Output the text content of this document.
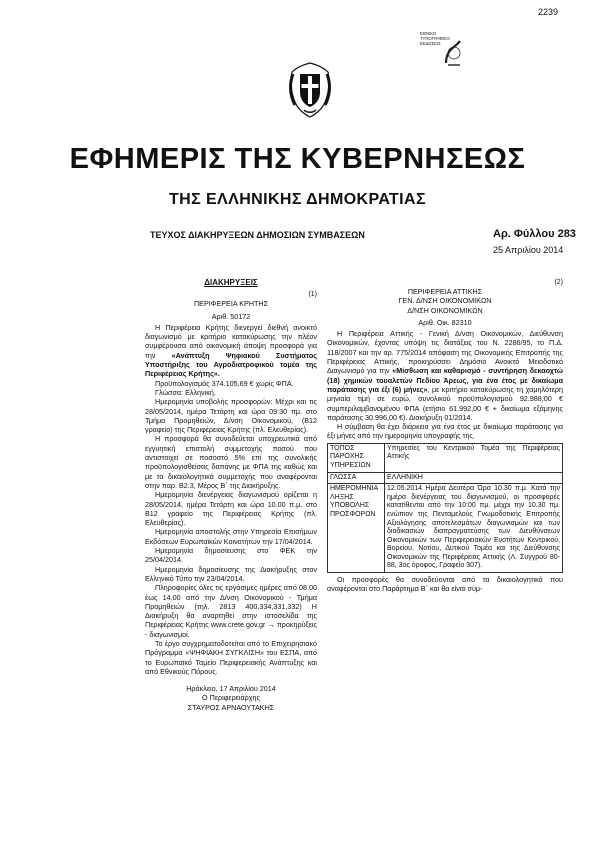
2239
ΕΘΝΙΚΟ
ΤΥΠΟΓΡΑΦΕΙΟ
ΕΚΔΟΣΕΙΣ
ΕΦΗΜΕΡΙΣ ΤΗΣ ΚΥΒΕΡΝΗΣΕΩΣ
ΤΗΣ ΕΛΛΗΝΙΚΗΣ ΔΗΜΟΚΡΑΤΙΑΣ
ΤΕΥΧΟΣ ΔΙΑΚΗΡΥΞΕΩΝ ΔΗΜΟΣΙΩΝ ΣΥΜΒΑΣΕΩΝ	Αρ. Φύλλου 283
25 Απριλίου 2014
ΔΙΑΚΗΡΥΞΕΙΣ
(1)

ΠΕΡΙΦΕΡΕΙΑ ΚΡΗΤΗΣ

Αριθ. 50172

Η Περιφέρεια Κρήτης διενεργεί διεθνή ανοικτό διαγωνισμό με κριτήριο κατακύρωσης την πλέον συμφέρουσα από οικονομική άποψη προσφορά για την «Ανάπτυξη Ψηφιακού Συστήματος Υποστήριξης του Αγροδιατροφικού τομέα της Περιφέρειας Κρήτης».

Προϋπολογισμός 374.105,69 € χωρίς ΦΠΑ.

Γλώσσα: Ελληνική.

Ημερομηνία υποβολής προσφορών: Μέχρι και τις 28/05/2014, ημέρα Τετάρτη και ώρα 09:30 πμ. στο Τμήμα Προμηθειών, Δ/νση Οικονομικού, (Β12 γραφείο) της Περιφέρειας Κρήτης (πλ. Ελευθερίας).

Η προσφορά θα συνοδεύεται υποχρεωτικά από εγγυητική επιστολή συμμετοχής ποσού που αντιστοιχεί σε ποσοστό 5% επί της συνολικής προϋπολογισθείσας δαπάνης με ΦΠΑ της καθώς και με τα δικαιολογητικά συμμετοχής που αναφέρονται στην παρ. Β2.3, Μέρος Β΄ της Διακήρυξης.

Ημερομηνία διενέργειας διαγωνισμού ορίζεται η 28/05/2014, ημέρα Τετάρτη και ώρα 10.00 π.μ. στο Β12 γραφείο της Περιφέρειας Κρήτης (πλ. Ελευθερίας).

Ημερομηνία αποστολής στην Υπηρεσία Επισήμων Εκδόσεων Ευρωπαϊκών Κοινοτήτων την 17/04/2014.

Ημερομηνία δημοσίευσης στο ΦΕΚ την 25/04/2014.

Ημερομηνία δημοσίευσης της Διακήρυξης στον Ελληνικό Τύπο την 23/04/2014.

Πληροφορίες όλες τις εργάσιμες ημέρες από 08.00 έως 14.00 από την Δ/νση Οικονομικού - Τμήμα Προμηθειών (τηλ. 2813 400.334,331,332) Η Διακήρυξη θα αναρτηθεί στην ιστοσελίδα της Περιφέρειας Κρήτης www.crete.gov.gr → προκηρύξεις - διαγωνισμοί.

Το έργο συγχρηματοδοτείται από το Επιχειρησιακό Πρόγραμμα «ΨΗΦΙΑΚΗ ΣΥΓΚΛΙΣΗ» του ΕΣΠΑ, από το Ευρωπαϊκό Ταμείο Περιφερειακής Ανάπτυξης και από Εθνικούς Πόρους.

Ηράκλειο, 17 Απριλίου 2014

Ο Περιφερειάρχης

ΣΤΑΥΡΟΣ ΑΡΝΑΟΥΤΑΚΗΣ

(2)

ΠΕΡΙΦΕΡΕΙΑ ΑΤΤΙΚΗΣ

ΓΕΝ. Δ/ΝΣΗ ΟΙΚΟΝΟΜΙΚΩΝ

Δ/ΝΣΗ ΟΙΚΟΝΟΜΙΚΩΝ

Αριθ. Οικ. 82310

Η Περιφέρεια Αττικής - Γενική Δ/νση Οικονομικών, Διεύθυνση Οικονομικών, έχοντας υπόψη τις διατάξεις του Ν. 2286/95, το Π.Δ. 118/2007 και την αρ. 775/2014 απόφαση της Οικονομικής Επιτροπής της Περιφέρειας Αττικής, προκηρύσσει Δημόσιο Ανοικτό Μειοδοτικό Διαγωνισμό για την «Μίσθωση και καθαρισμό - συντήρηση δεκαοχτώ (18) χημικών τουαλετών Πεδίου Άρεως, για ένα έτος με δικαίωμα παράτασης για έξι (6) μήνες», με κριτήριο κατακύρωσης τη χαμηλότερη μηνιαία τιμή σε ευρώ, συνολικού προϋπολογισμού 92.988,00 € συμπεριλαμβανομένου ΦΠΑ (ετήσιο 61.992,00 € + δικαίωμα εξάμηνης παράτασης 30.996,00 €). Διακήρυξη 01/2014.

Η σύμβαση θα έχει διάρκεια για ένα έτος με δικαίωμα παράτασης για έξι μήνες από την ημερομηνία υπογραφής της.

ΤΟΠΟΣ ΠΑΡΟΧΗΣ ΥΠΗΡΕΣΙΩΝ	Υπηρεσίες του Κεντρικού Τομέα της Περιφέρειας Αττικής
ΓΛΩΣΣΑ	ΕΛΛΗΝΙΚΗ
ΗΜΕΡΟΜΗΝΙΑ ΛΗΞΗΣ ΥΠΟΒΟΛΗΣ ΠΡΟΣΦΟΡΩΝ	12.05.2014 Ημέρα Δευτέρα Ώρα 10.30 π.μ. Κατά την ημέρα διενέργειας του διαγωνισμού, οι προσφορές κατατίθενται από την 10:00 πμ. μέχρι την 10.30 πμ. ενώπιον της Πενταμελούς Γνωμοδοτικής Επιτροπής Αξιολόγησης αποτελεσμάτων διαγωνισμών και των διαδικασιών διαπραγματεύσης των Διευθύνσεων Οικονομικών των Περιφερειακών Ενοτήτων Κεντρικού, Βορείου, Νοτίου, Δυτικού Τομέα και της Διεύθυνσης Οικονομικών της Περιφέρειας Αττικής (Λ. Συγγρού 80-88, 3ος όροφος, Γραφείο 307).

Οι προσφορές θα συνοδεύονται από τα δικαιολογητικά που αναφέρονται στο Παράρτημα Β΄ και θα είναι σύμ-
